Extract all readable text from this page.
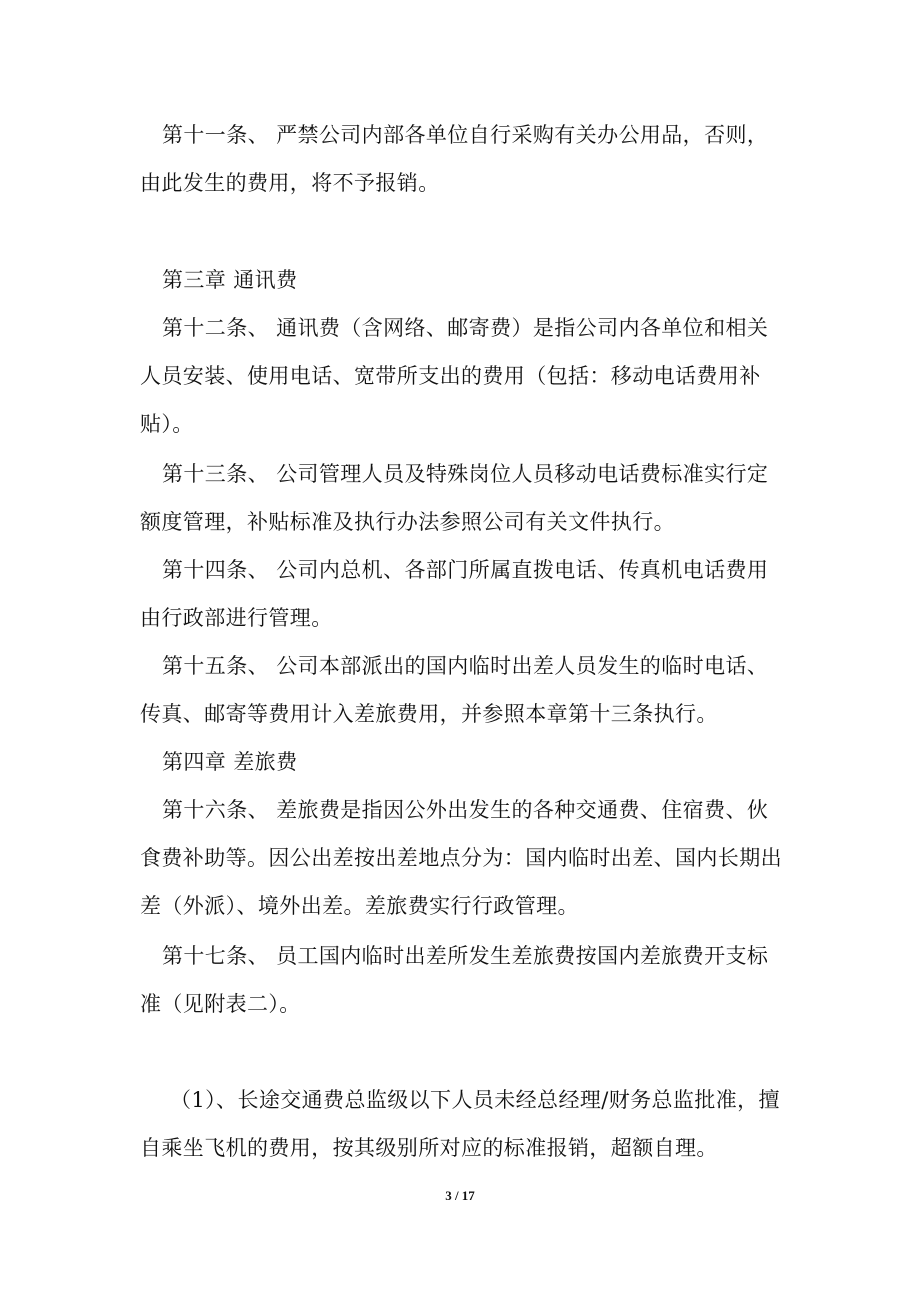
第十一条、 严禁公司内部各单位自行采购有关办公用品，否则，
由此发生的费用，将不予报销。

第三章 通讯费

第十二条、 通讯费（含网络、邮寄费）是指公司内各单位和相关
人员安装、使用电话、宽带所支出的费用（包括：移动电话费用补
贴）。

第十三条、 公司管理人员及特殊岗位人员移动电话费标准实行定
额度管理，补贴标准及执行办法参照公司有关文件执行。

第十四条、 公司内总机、各部门所属直拨电话、传真机电话费用
由行政部进行管理。

第十五条、 公司本部派出的国内临时出差人员发生的临时电话、
传真、邮寄等费用计入差旅费用，并参照本章第十三条执行。

第四章 差旅费

第十六条、 差旅费是指因公外出发生的各种交通费、住宿费、伙
食费补助等。因公出差按出差地点分为：国内临时出差、国内长期出
差（外派）、境外出差。差旅费实行行政管理。

第十七条、 员工国内临时出差所发生差旅费按国内差旅费开支标
准（见附表二）。

（1）、长途交通费总监级以下人员未经总经理/财务总监批准，擅
自乘坐飞机的费用，按其级别所对应的标准报销，超额自理。

3 / 17
